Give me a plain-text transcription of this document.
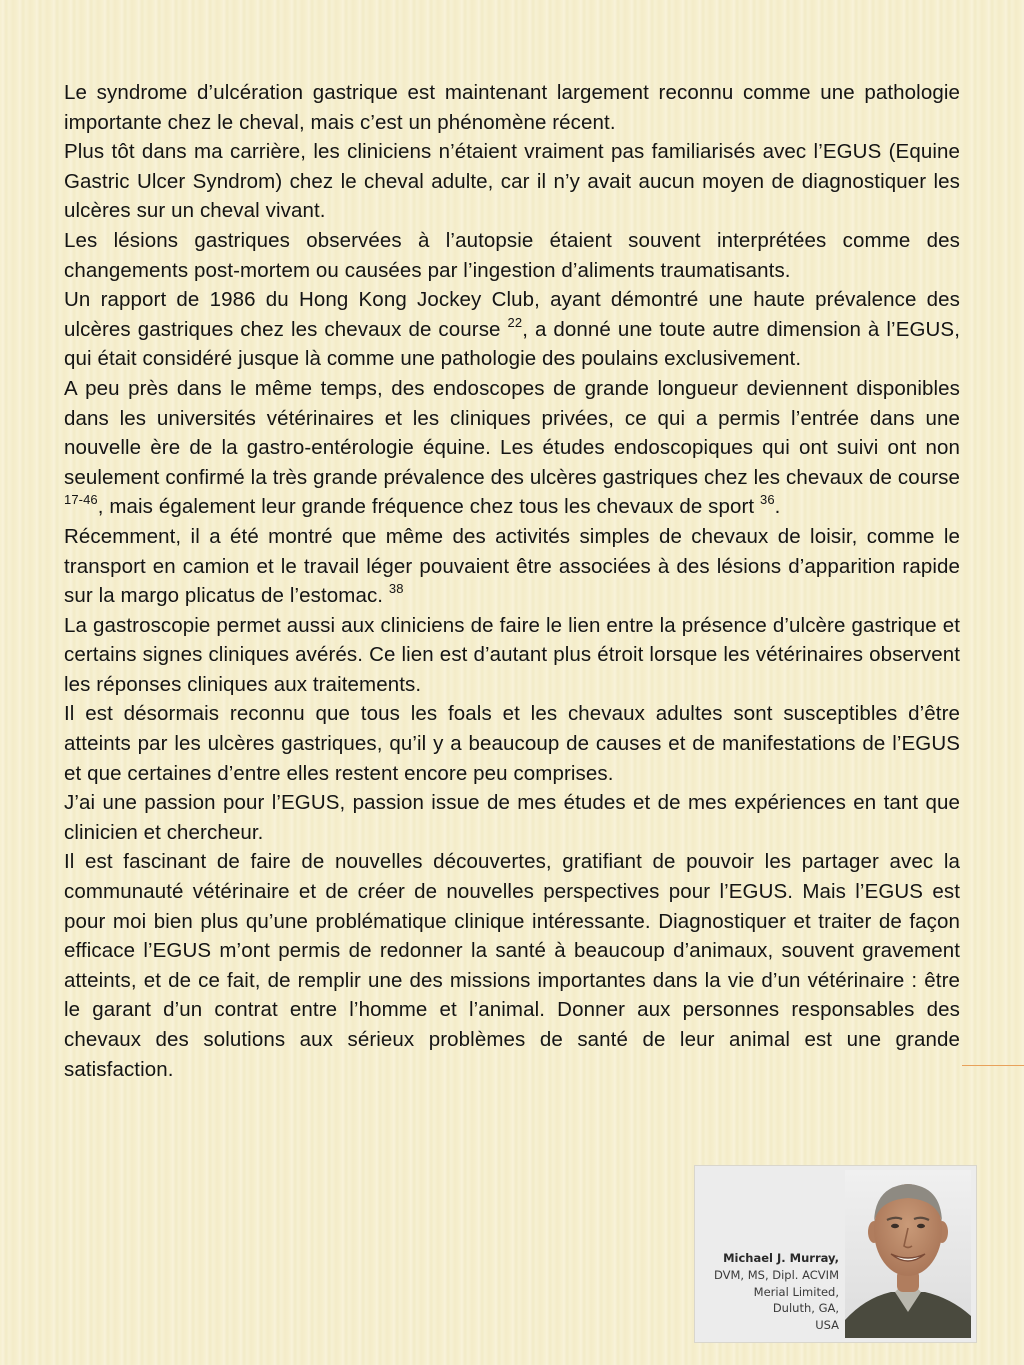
Le syndrome d’ulcération gastrique est maintenant largement reconnu comme une pathologie importante chez le cheval, mais c’est un phénomène récent.

Plus tôt dans ma carrière, les cliniciens n’étaient vraiment pas familiarisés avec l’EGUS (Equine Gastric Ulcer Syndrom) chez le cheval adulte, car il n’y avait aucun moyen de diagnostiquer les ulcères sur un cheval vivant.

Les lésions gastriques observées à l’autopsie étaient souvent interprétées comme des changements post-mortem ou causées par l’ingestion d’aliments traumatisants.

Un rapport de 1986 du Hong Kong Jockey Club, ayant démontré une haute prévalence des ulcères gastriques chez les chevaux de course $^{22}$, a donné une toute autre dimension à l’EGUS, qui était considéré jusque là comme une pathologie des poulains exclusivement.

A peu près dans le même temps, des endoscopes de grande longueur deviennent disponibles dans les universités vétérinaires et les cliniques privées, ce qui a permis l’entrée dans une nouvelle ère de la gastro-entérologie équine. Les études endoscopiques qui ont suivi ont non seulement confirmé la très grande prévalence des ulcères gastriques chez les chevaux de course $^{17-46}$, mais également leur grande fréquence chez tous les chevaux de sport $^{36}$.

Récemment, il a été montré que même des activités simples de chevaux de loisir, comme le transport en camion et le travail léger pouvaient être associées à des lésions d’apparition rapide sur la margo plicatus de l’estomac. $^{38}$

La gastroscopie permet aussi aux cliniciens de faire le lien entre la présence d’ulcère gastrique et certains signes cliniques avérés. Ce lien est d’autant plus étroit lorsque les vétérinaires observent les réponses cliniques aux traitements.

Il est désormais reconnu que tous les foals et les chevaux adultes sont susceptibles d’être atteints par les ulcères gastriques, qu’il y a beaucoup de causes et de manifestations de l’EGUS et que certaines d’entre elles restent encore peu comprises.

J’ai une passion pour l’EGUS, passion issue de mes études et de mes expériences en tant que clinicien et chercheur.

Il est fascinant de faire de nouvelles découvertes, gratifiant de pouvoir les partager avec la communauté vétérinaire et de créer de nouvelles perspectives pour l’EGUS. Mais l’EGUS est pour moi bien plus qu’une problématique clinique intéressante. Diagnostiquer et traiter de façon efficace l’EGUS m’ont permis de redonner la santé à beaucoup d’animaux, souvent gravement atteints, et de ce fait, de remplir une des missions importantes dans la vie d’un vétérinaire : être le garant d’un contrat entre l’homme et l’animal. Donner aux personnes responsables des chevaux des solutions aux sérieux problèmes de santé de leur animal est une grande satisfaction.

Michael J. Murray,
DVM, MS, Dipl. ACVIM
Merial Limited,
Duluth, GA,
USA
